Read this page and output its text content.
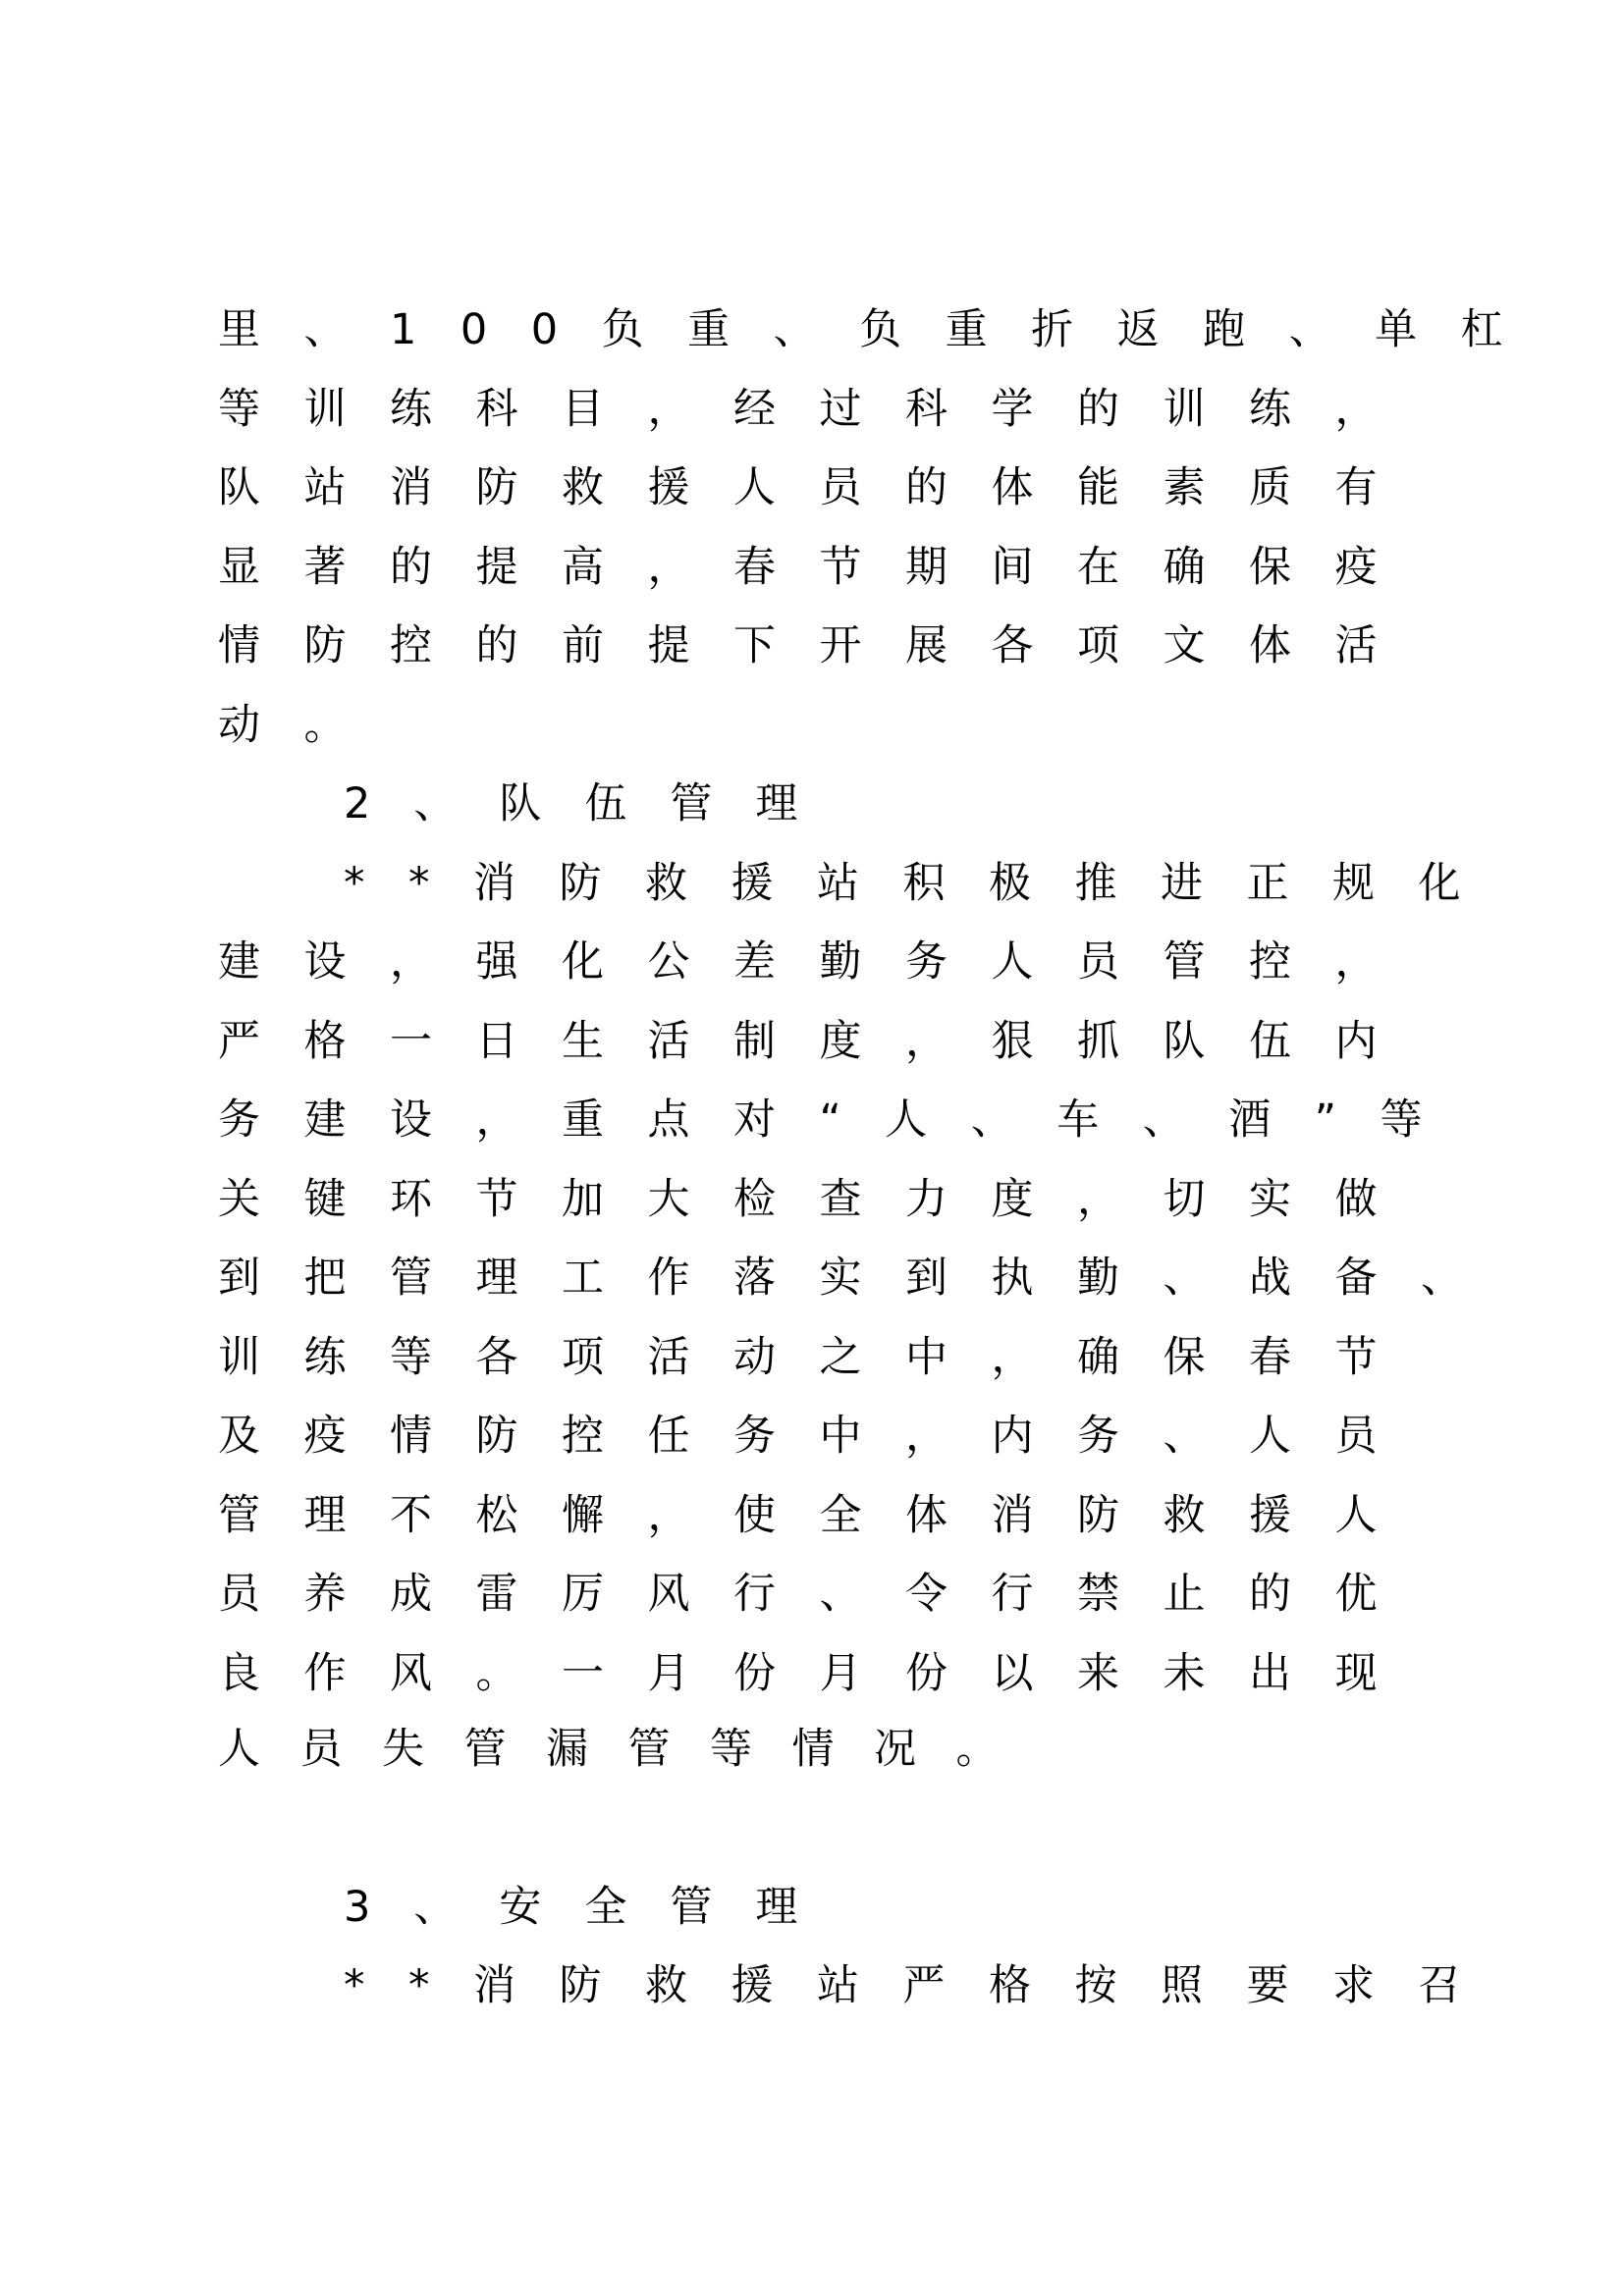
里、100负重、负重折返跑、单杠
等训练科目，经过科学的训练，
队站消防救援人员的体能素质有
显著的提高，春节期间在确保疫
情防控的前提下开展各项文体活
动。
2、队伍管理
**消防救援站积极推进正规化
建设，强化公差勤务人员管控，
严格一日生活制度，狠抓队伍内
务建设，重点对“人、车、酒”等
关键环节加大检查力度，切实做
到把管理工作落实到执勤、战备、
训练等各项活动之中，确保春节
及疫情防控任务中，内务、人员
管理不松懈，使全体消防救援人
员养成雷厉风行、令行禁止的优
良作风。一月份月份以来未出现
人员失管漏管等情况。
3、安全管理
**消防救援站严格按照要求召
